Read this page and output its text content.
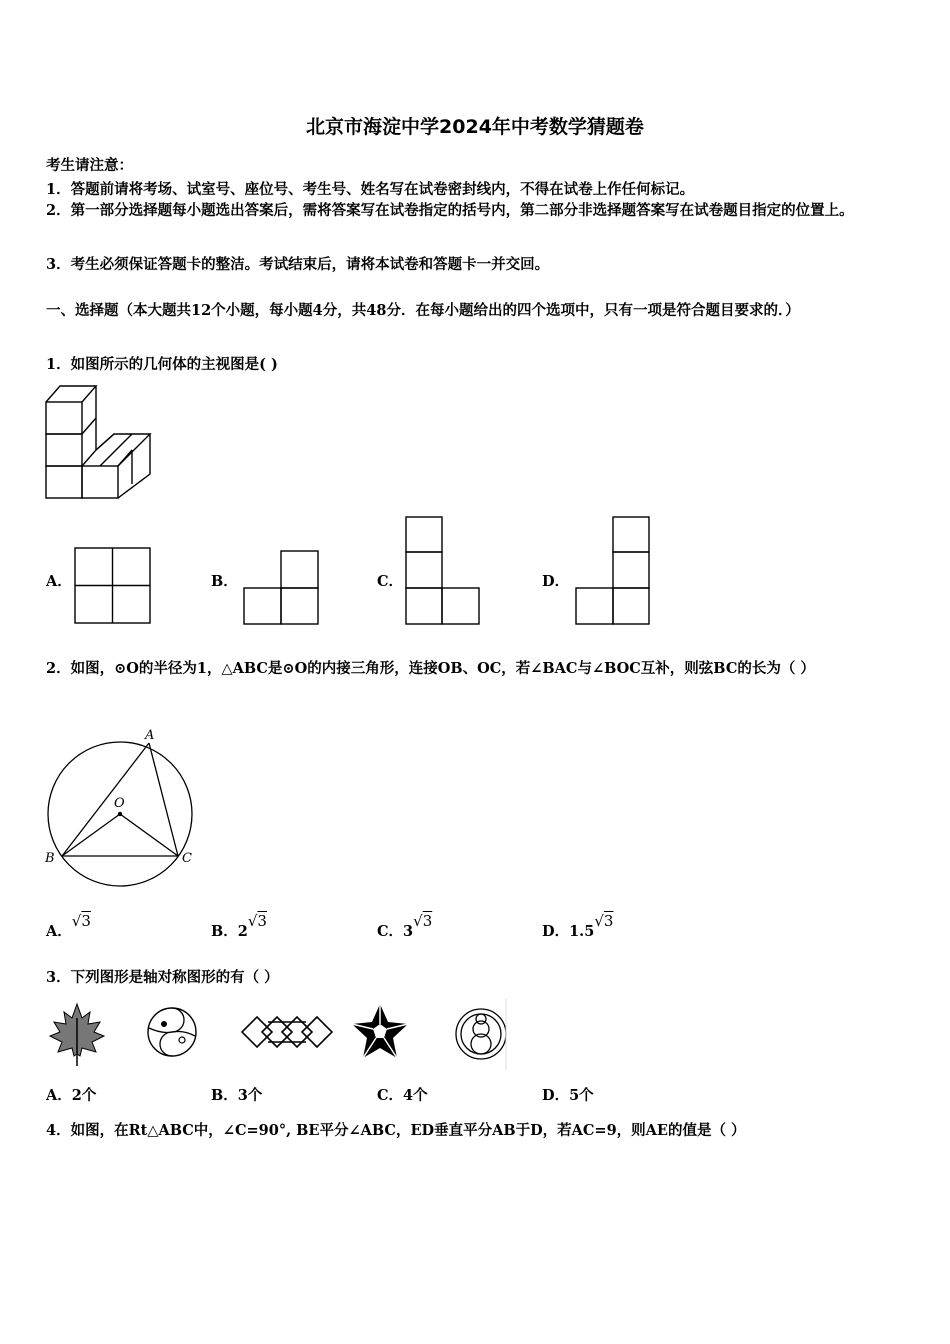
北京市海淀中学2024年中考数学猜题卷
考生请注意：
1．答题前请将考场、试室号、座位号、考生号、姓名写在试卷密封线内，不得在试卷上作任何标记。
2．第一部分选择题每小题选出答案后，需将答案写在试卷指定的括号内，第二部分非选择题答案写在试卷题目指定的位置上。
3．考生必须保证答题卡的整洁。考试结束后，请将本试卷和答题卡一并交回。
一、选择题（本大题共12个小题，每小题4分，共48分．在每小题给出的四个选项中，只有一项是符合题目要求的．）
1．如图所示的几何体的主视图是( )
A．	B．	C．	D．
2．如图，⊙O的半径为1，△ABC是⊙O的内接三角形，连接OB、OC，若∠BAC与∠BOC互补，则弦BC的长为（ ）
A
O
B	C
A．√3
B．2√3
C．3√3
D．1.5√3
3．下列图形是轴对称图形的有（ ）
A．2个	B．3个	C．4个	D．5个
4．如图，在Rt△ABC中，∠C=90°, BE平分∠ABC，ED垂直平分AB于D，若AC=9，则AE的值是（ ）
